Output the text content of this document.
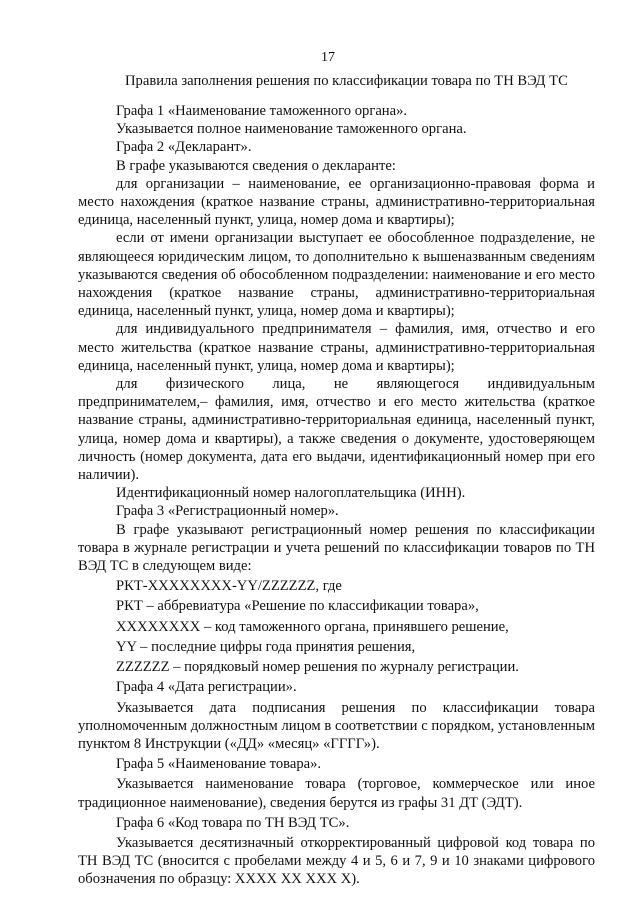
17
Правила заполнения решения по классификации товара по ТН ВЭД ТС

Графа 1 «Наименование таможенного органа».

Указывается полное наименование таможенного органа.

Графа 2 «Декларант».

В графе указываются сведения о декларанте:

для организации – наименование, ее организационно-правовая форма и место нахождения (краткое название страны, административно-территориальная единица, населенный пункт, улица, номер дома и квартиры);

если от имени организации выступает ее обособленное подразделение, не являющееся юридическим лицом, то дополнительно к вышеназванным сведениям указываются сведения об обособленном подразделении: наименование и его место нахождения (краткое название страны, административно-территориальная единица, населенный пункт, улица, номер дома и квартиры);

для индивидуального предпринимателя – фамилия, имя, отчество и его место жительства (краткое название страны, административно-территориальная единица, населенный пункт, улица, номер дома и квартиры);

для физического лица, не являющегося индивидуальным предпринимателем,– фамилия, имя, отчество и его место жительства (краткое название страны, административно-территориальная единица, населенный пункт, улица, номер дома и квартиры), а также сведения о документе, удостоверяющем личность (номер документа, дата его выдачи, идентификационный номер при его наличии).

Идентификационный номер налогоплательщика (ИНН).

Графа 3 «Регистрационный номер».

В графе указывают регистрационный номер решения по классификации товара в журнале регистрации и учета решений по классификации товаров по ТН ВЭД ТС в следующем виде:

РКТ-XXXXXXXX-YY/ZZZZZZ, где

РКТ – аббревиатура «Решение по классификации товара»,

XXXXXXXX – код таможенного органа, принявшего решение,

YY – последние цифры года принятия решения,

ZZZZZZ – порядковый номер решения по журналу регистрации.

Графа 4 «Дата регистрации».

Указывается дата подписания решения по классификации товара уполномоченным должностным лицом в соответствии с порядком, установленным пунктом 8 Инструкции («ДД» «месяц» «ГГГГ»).

Графа 5 «Наименование товара».

Указывается наименование товара (торговое, коммерческое или иное традиционное наименование), сведения берутся из графы 31 ДТ (ЭДТ).

Графа 6 «Код товара по ТН ВЭД ТС».

Указывается десятизначный откорректированный цифровой код товара по ТН ВЭД ТС (вносится с пробелами между 4 и 5, 6 и 7, 9 и 10 знаками цифрового обозначения по образцу: XXXX XX XXX X).
